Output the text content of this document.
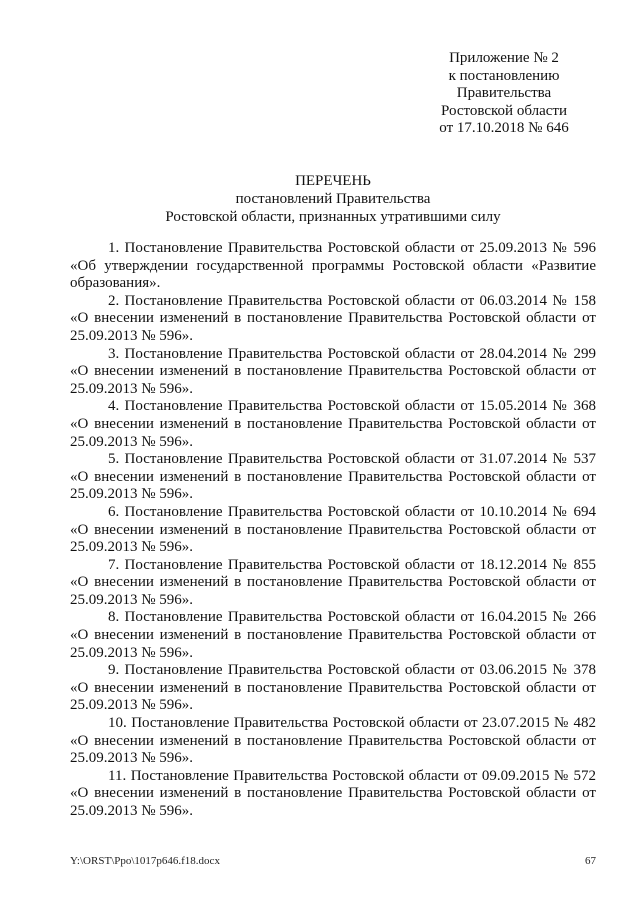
Приложение № 2
к постановлению
Правительства
Ростовской области
от 17.10.2018 № 646
ПЕРЕЧЕНЬ
постановлений Правительства
Ростовской области, признанных утратившими силу

1. Постановление Правительства Ростовской области от 25.09.2013 № 596 «Об утверждении государственной программы Ростовской области «Развитие образования».

2. Постановление Правительства Ростовской области от 06.03.2014 № 158 «О внесении изменений в постановление Правительства Ростовской области от 25.09.2013 № 596».

3. Постановление Правительства Ростовской области от 28.04.2014 № 299 «О внесении изменений в постановление Правительства Ростовской области от 25.09.2013 № 596».

4. Постановление Правительства Ростовской области от 15.05.2014 № 368 «О внесении изменений в постановление Правительства Ростовской области от 25.09.2013 № 596».

5. Постановление Правительства Ростовской области от 31.07.2014 № 537 «О внесении изменений в постановление Правительства Ростовской области от 25.09.2013 № 596».

6. Постановление Правительства Ростовской области от 10.10.2014 № 694 «О внесении изменений в постановление Правительства Ростовской области от 25.09.2013 № 596».

7. Постановление Правительства Ростовской области от 18.12.2014 № 855 «О внесении изменений в постановление Правительства Ростовской области от 25.09.2013 № 596».

8. Постановление Правительства Ростовской области от 16.04.2015 № 266 «О внесении изменений в постановление Правительства Ростовской области от 25.09.2013 № 596».

9. Постановление Правительства Ростовской области от 03.06.2015 № 378 «О внесении изменений в постановление Правительства Ростовской области от 25.09.2013 № 596».

10. Постановление Правительства Ростовской области от 23.07.2015 № 482 «О внесении изменений в постановление Правительства Ростовской области от 25.09.2013 № 596».

11. Постановление Правительства Ростовской области от 09.09.2015 № 572 «О внесении изменений в постановление Правительства Ростовской области от 25.09.2013 № 596».

Y:\ORST\Ppo\1017p646.f18.docx	67
